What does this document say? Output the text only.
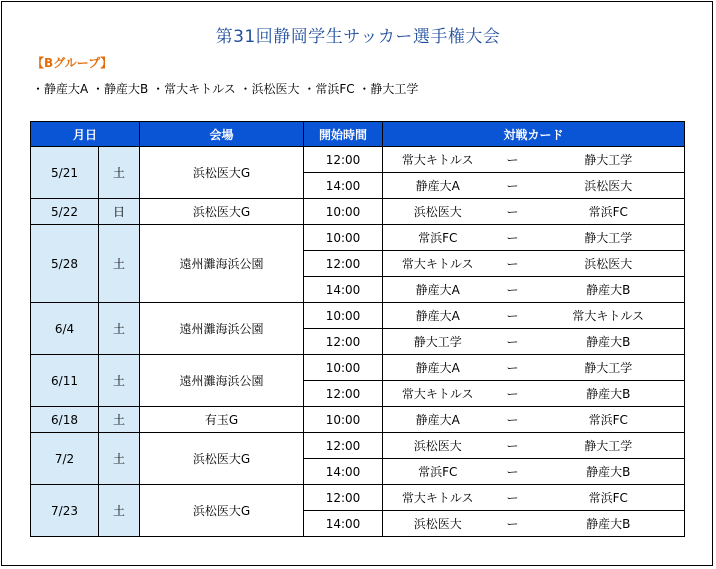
第31回静岡学生サッカー選手権大会
【Bグループ】
・静産大A ・静産大B ・常大キトルス ・浜松医大 ・常浜FC ・静大工学
月日		会場	開始時間	対戦カード		
5/21	土	浜松医大G	12:00	常大キトルス	ー	静大工学
			14:00	静産大A	ー	浜松医大
5/22	日	浜松医大G	10:00	浜松医大	ー	常浜FC
5/28	土	遠州灘海浜公園	10:00	常浜FC	ー	静大工学
			12:00	常大キトルス	ー	浜松医大
			14:00	静産大A	ー	静産大B
6/4	土	遠州灘海浜公園	10:00	静産大A	ー	常大キトルス
			12:00	静大工学	ー	静産大B
6/11	土	遠州灘海浜公園	10:00	静産大A	ー	静大工学
			12:00	常大キトルス	ー	静産大B
6/18	土	有玉G	10:00	静産大A	ー	常浜FC
7/2	土	浜松医大G	12:00	浜松医大	ー	静大工学
			14:00	常浜FC	ー	静産大B
7/23	土	浜松医大G	12:00	常大キトルス	ー	常浜FC
			14:00	浜松医大	ー	静産大B
